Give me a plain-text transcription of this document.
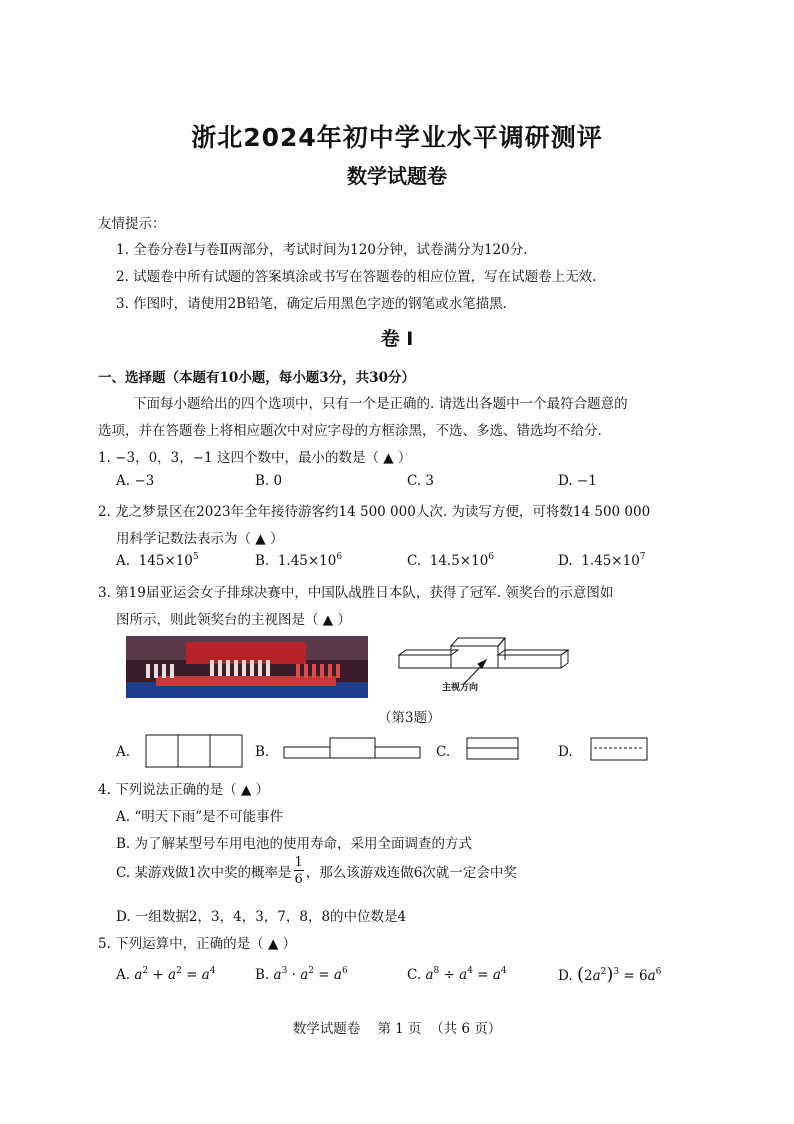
浙北2024年初中学业水平调研测评
数学试题卷
友情提示：
1. 全卷分卷Ⅰ与卷Ⅱ两部分，考试时间为120分钟，试卷满分为120分.
2. 试题卷中所有试题的答案填涂或书写在答题卷的相应位置，写在试题卷上无效.
3. 作图时，请使用2B铅笔，确定后用黑色字迹的钢笔或水笔描黑.
卷 Ⅰ
一、选择题（本题有10小题，每小题3分，共30分）
下面每小题给出的四个选项中，只有一个是正确的. 请选出各题中一个最符合题意的
选项，并在答题卷上将相应题次中对应字母的方框涂黑，不选、多选、错选均不给分.
1. −3，0，3，−1 这四个数中，最小的数是（ ▲ ）
A. −3	B. 0	C. 3	D. −1
2. 龙之梦景区在2023年全年接待游客约14 500 000人次. 为读写方便，可将数14 500 000
用科学记数法表示为（ ▲ ）
A. $145\times 10^5$	B. $1.45\times 10^6$	C. $14.5\times 10^6$	D. $1.45\times 10^7$
3. 第19届亚运会女子排球决赛中，中国队战胜日本队，获得了冠军. 领奖台的示意图如
图所示，则此领奖台的主视图是（ ▲ ）
主视方向
（第3题）
A.	B.	C.	D.
4. 下列说法正确的是（ ▲ ）
A. “明天下雨”是不可能事件
B. 为了解某型号车用电池的使用寿命，采用全面调查的方式
C. 某游戏做1次中奖的概率是 $\frac{1}{6}$ ，那么该游戏连做6次就一定会中奖
D. 一组数据2，3，4，3，7，8，8的中位数是4
5. 下列运算中，正确的是（ ▲ ）
A. $a^2 + a^2 = a^4$	B. $a^3 \cdot a^2 = a^6$	C. $a^8 \div a^4 = a^4$	D. $(2a^2)^3 = 6a^6$
数学试题卷    第 1 页  （共 6 页）
